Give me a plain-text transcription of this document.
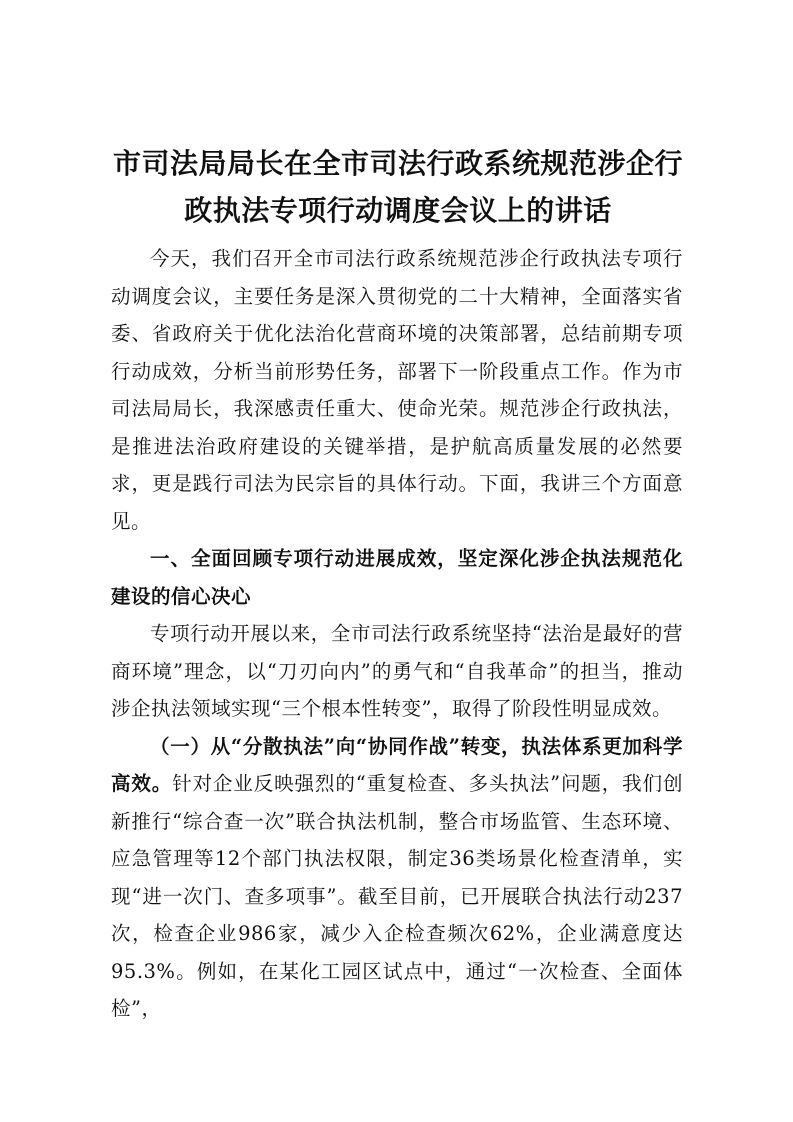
市司法局局长在全市司法行政系统规范涉企行政执法专项行动调度会议上的讲话

今天，我们召开全市司法行政系统规范涉企行政执法专项行动调度会议，主要任务是深入贯彻党的二十大精神，全面落实省委、省政府关于优化法治化营商环境的决策部署，总结前期专项行动成效，分析当前形势任务，部署下一阶段重点工作。作为市司法局局长，我深感责任重大、使命光荣。规范涉企行政执法，是推进法治政府建设的关键举措，是护航高质量发展的必然要求，更是践行司法为民宗旨的具体行动。下面，我讲三个方面意见。

一、全面回顾专项行动进展成效，坚定深化涉企执法规范化建设的信心决心

专项行动开展以来，全市司法行政系统坚持“法治是最好的营商环境”理念，以“刀刃向内”的勇气和“自我革命”的担当，推动涉企执法领域实现“三个根本性转变”，取得了阶段性明显成效。

（一）从“分散执法”向“协同作战”转变，执法体系更加科学高效。针对企业反映强烈的“重复检查、多头执法”问题，我们创新推行“综合查一次”联合执法机制，整合市场监管、生态环境、应急管理等12个部门执法权限，制定36类场景化检查清单，实现“进一次门、查多项事”。截至目前，已开展联合执法行动237次，检查企业986家，减少入企检查频次62%，企业满意度达95.3%。例如，在某化工园区试点中，通过“一次检查、全面体检”，
